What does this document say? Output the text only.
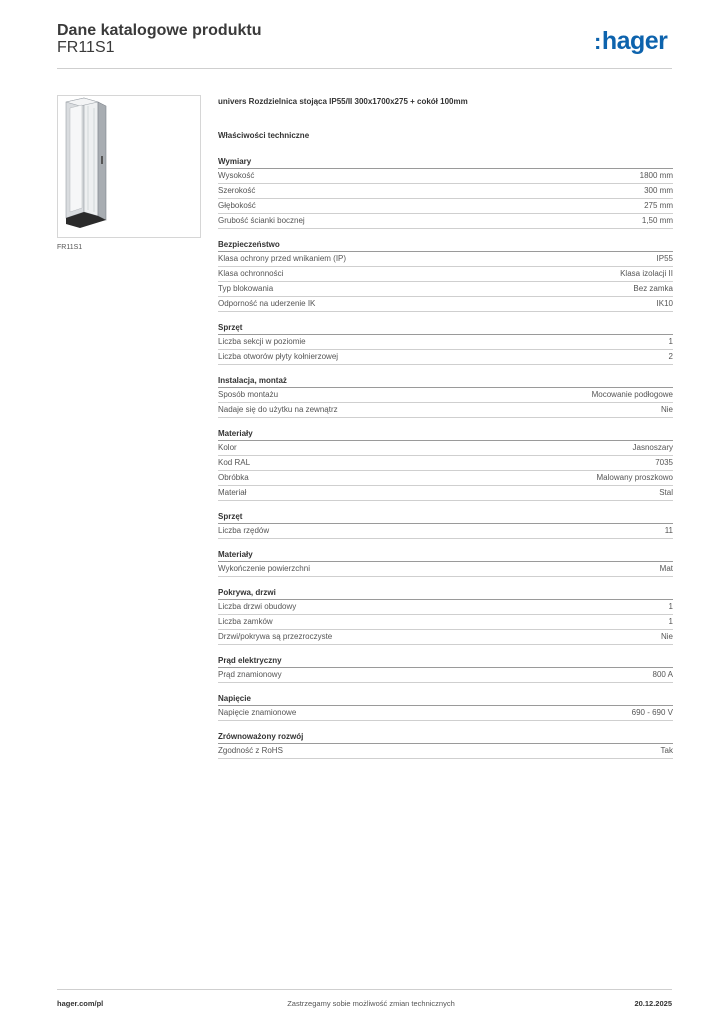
Dane katalogowe produktu
FR11S1	:hager
FR11S1
univers Rozdzielnica stojąca IP55/II 300x1700x275 + cokół 100mm
Właściwości techniczne
Wymiary
Wysokość	1800 mm
Szerokość	300 mm
Głębokość	275 mm
Grubość ścianki bocznej	1,50 mm
Bezpieczeństwo
Klasa ochrony przed wnikaniem (IP)	IP55
Klasa ochronności	Klasa izolacji II
Typ blokowania	Bez zamka
Odporność na uderzenie IK	IK10
Sprzęt
Liczba sekcji w poziomie	1
Liczba otworów płyty kołnierzowej	2
Instalacja, montaż
Sposób montażu	Mocowanie podłogowe
Nadaje się do użytku na zewnątrz	Nie
Materiały
Kolor	Jasnoszary
Kod RAL	7035
Obróbka	Malowany proszkowo
Materiał	Stal
Sprzęt
Liczba rzędów	11
Materiały
Wykończenie powierzchni	Mat
Pokrywa, drzwi
Liczba drzwi obudowy	1
Liczba zamków	1
Drzwi/pokrywa są przezroczyste	Nie
Prąd elektryczny
Prąd znamionowy	800 A
Napięcie
Napięcie znamionowe	690 - 690 V
Zrównoważony rozwój
Zgodność z RoHS	Tak
hager.com/pl	Zastrzegamy sobie możliwość zmian technicznych	20.12.2025
